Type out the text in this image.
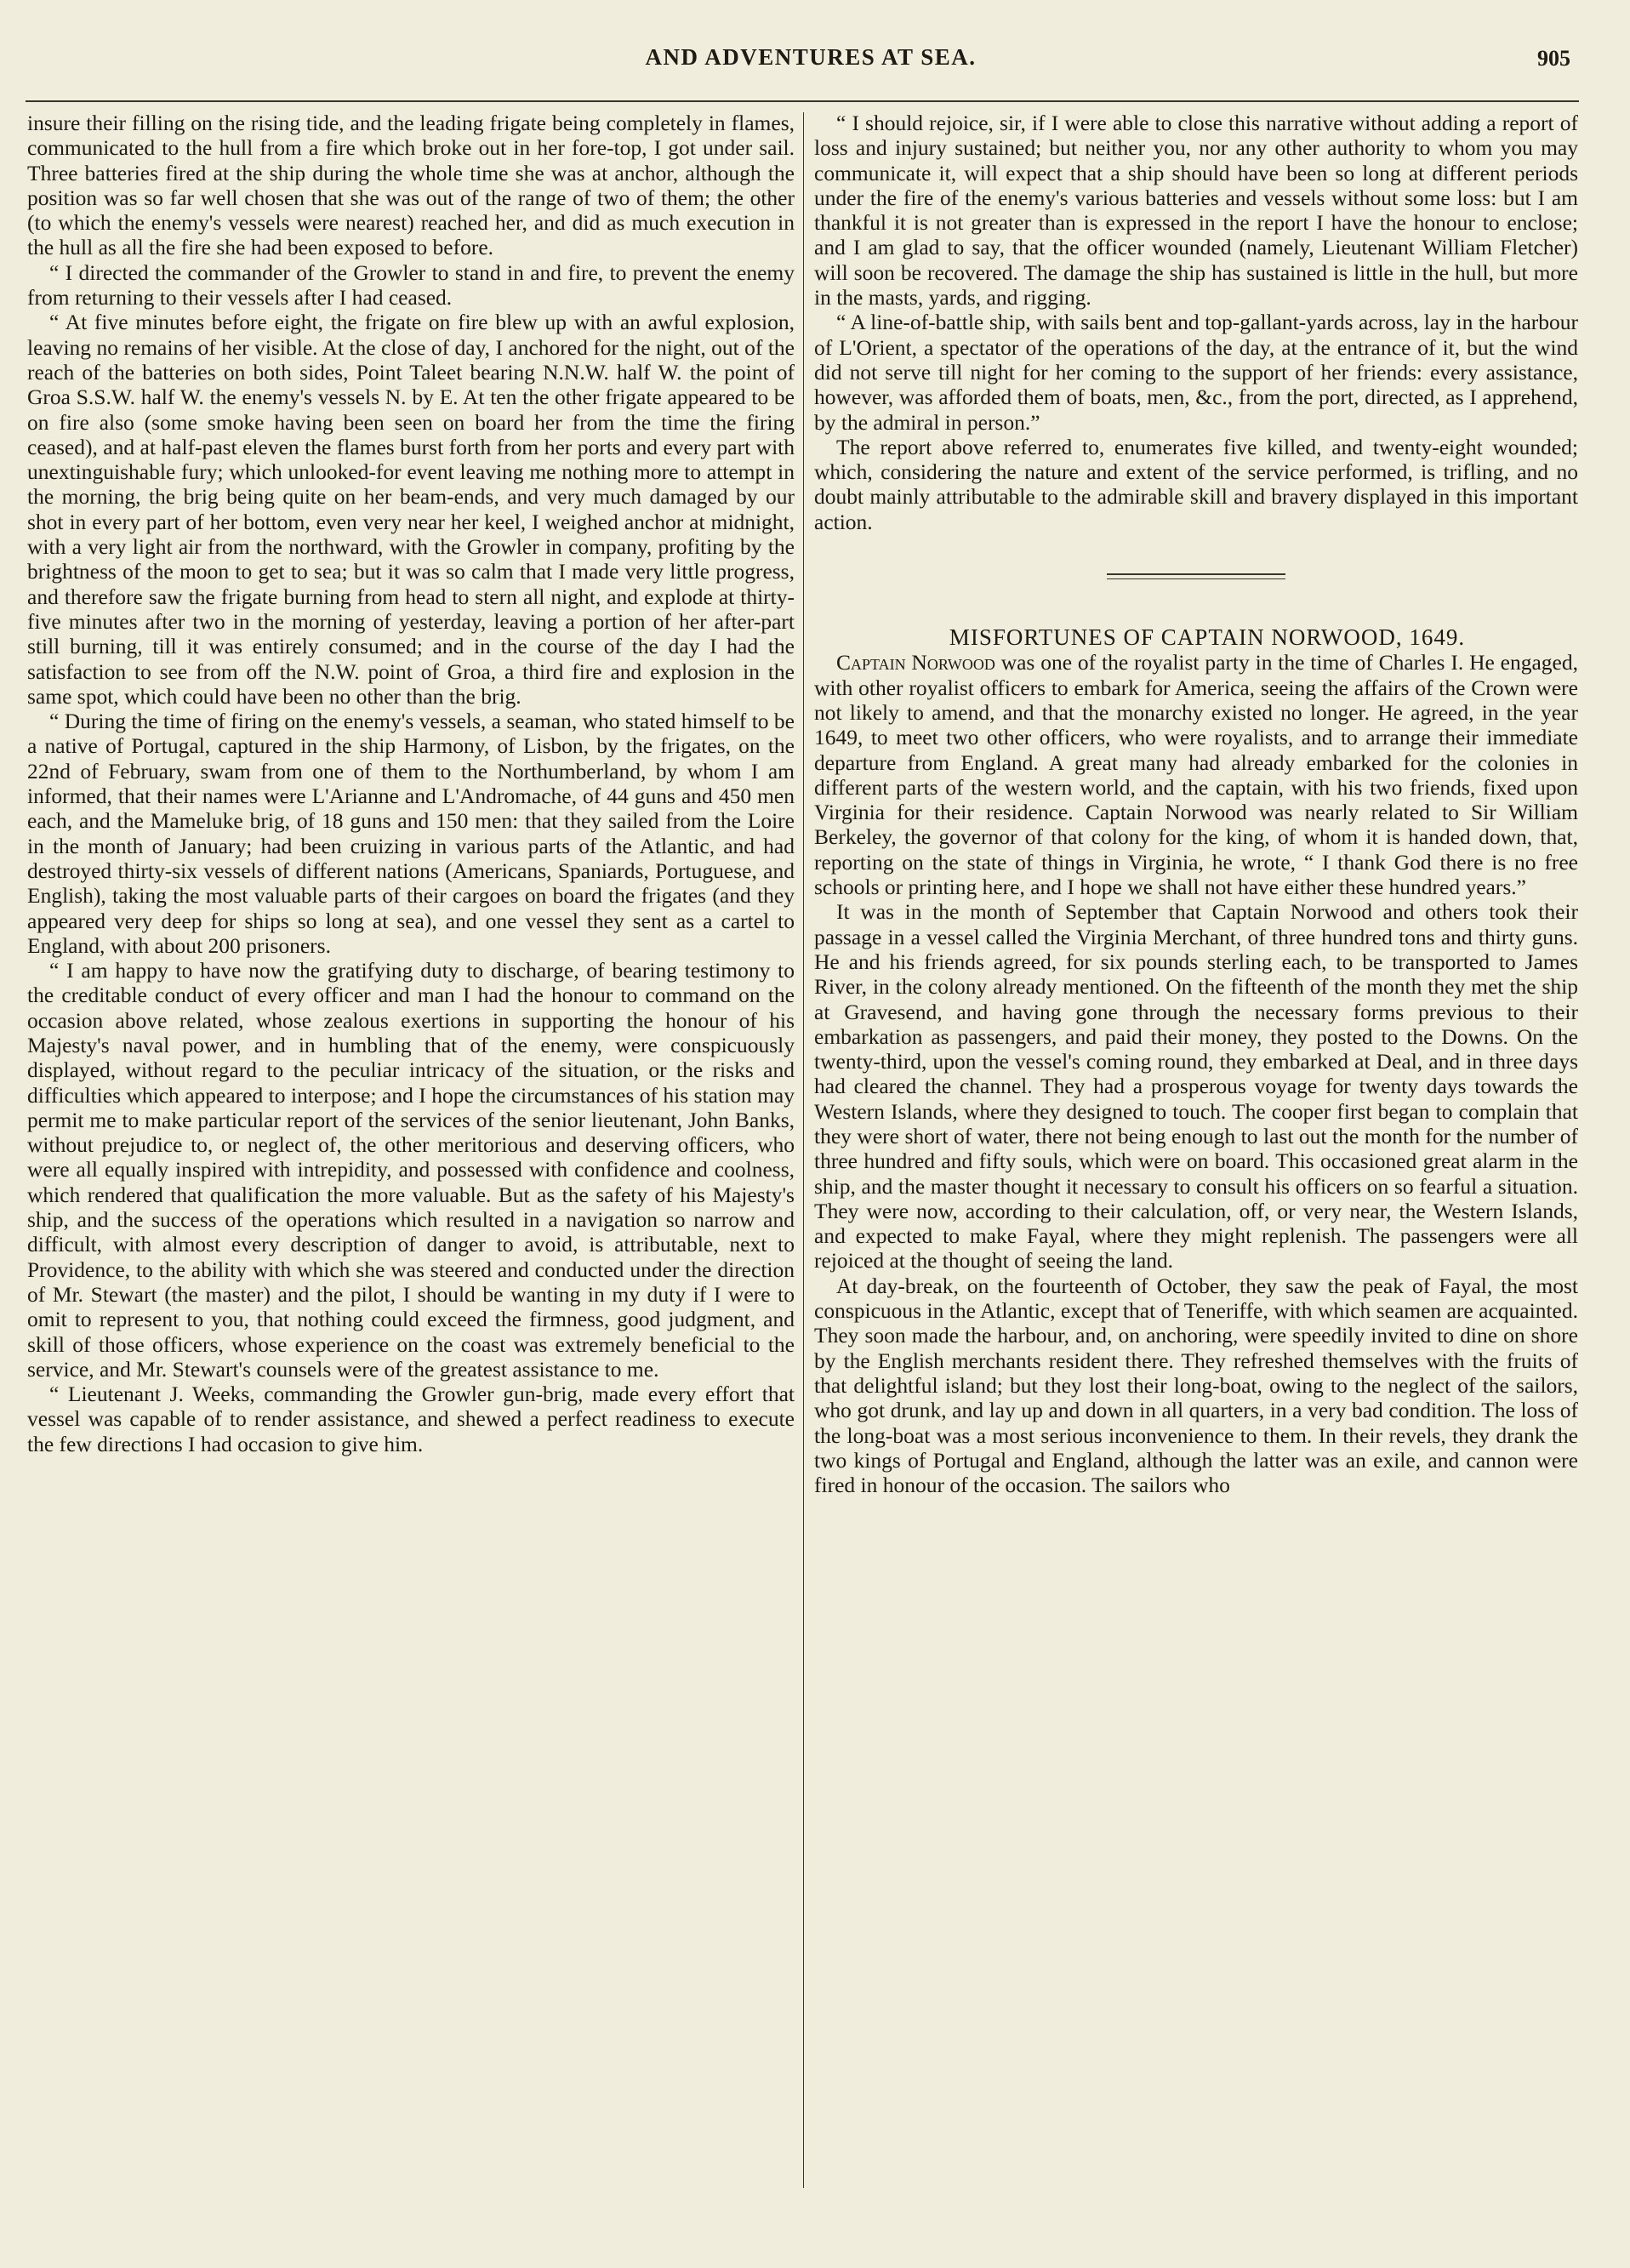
AND ADVENTURES AT SEA.	905

insure their filling on the rising tide, and the leading frigate being completely in flames, communicated to the hull from a fire which broke out in her fore-top, I got under sail. Three batteries fired at the ship during the whole time she was at anchor, although the position was so far well chosen that she was out of the range of two of them; the other (to which the enemy's vessels were nearest) reached her, and did as much execution in the hull as all the fire she had been exposed to before.

“ I directed the commander of the Growler to stand in and fire, to prevent the enemy from returning to their vessels after I had ceased.

“ At five minutes before eight, the frigate on fire blew up with an awful explosion, leaving no remains of her visible. At the close of day, I anchored for the night, out of the reach of the batteries on both sides, Point Taleet bearing N.N.W. half W. the point of Groa S.S.W. half W. the enemy's vessels N. by E. At ten the other frigate appeared to be on fire also (some smoke having been seen on board her from the time the firing ceased), and at half-past eleven the flames burst forth from her ports and every part with unextinguishable fury; which unlooked-for event leaving me nothing more to attempt in the morning, the brig being quite on her beam-ends, and very much damaged by our shot in every part of her bottom, even very near her keel, I weighed anchor at midnight, with a very light air from the northward, with the Growler in company, profiting by the brightness of the moon to get to sea; but it was so calm that I made very little progress, and therefore saw the frigate burning from head to stern all night, and explode at thirty-five minutes after two in the morning of yesterday, leaving a portion of her after-part still burning, till it was entirely consumed; and in the course of the day I had the satisfaction to see from off the N.W. point of Groa, a third fire and explosion in the same spot, which could have been no other than the brig.

“ During the time of firing on the enemy's vessels, a seaman, who stated himself to be a native of Portugal, captured in the ship Harmony, of Lisbon, by the frigates, on the 22nd of February, swam from one of them to the Northumberland, by whom I am informed, that their names were L'Arianne and L'Andromache, of 44 guns and 450 men each, and the Mameluke brig, of 18 guns and 150 men: that they sailed from the Loire in the month of January; had been cruizing in various parts of the Atlantic, and had destroyed thirty-six vessels of different nations (Americans, Spaniards, Portuguese, and English), taking the most valuable parts of their cargoes on board the frigates (and they appeared very deep for ships so long at sea), and one vessel they sent as a cartel to England, with about 200 prisoners.

“ I am happy to have now the gratifying duty to discharge, of bearing testimony to the creditable conduct of every officer and man I had the honour to command on the occasion above related, whose zealous exertions in supporting the honour of his Majesty's naval power, and in humbling that of the enemy, were conspicuously displayed, without regard to the peculiar intricacy of the situation, or the risks and difficulties which appeared to interpose; and I hope the circumstances of his station may permit me to make particular report of the services of the senior lieutenant, John Banks, without prejudice to, or neglect of, the other meritorious and deserving officers, who were all equally inspired with intrepidity, and possessed with confidence and coolness, which rendered that qualification the more valuable. But as the safety of his Majesty's ship, and the success of the operations which resulted in a navigation so narrow and difficult, with almost every description of danger to avoid, is attributable, next to Providence, to the ability with which she was steered and conducted under the direction of Mr. Stewart (the master) and the pilot, I should be wanting in my duty if I were to omit to represent to you, that nothing could exceed the firmness, good judgment, and skill of those officers, whose experience on the coast was extremely beneficial to the service, and Mr. Stewart's counsels were of the greatest assistance to me.

“ Lieutenant J. Weeks, commanding the Growler gun-brig, made every effort that vessel was capable of to render assistance, and shewed a perfect readiness to execute the few directions I had occasion to give him.

“ I should rejoice, sir, if I were able to close this narrative without adding a report of loss and injury sustained; but neither you, nor any other authority to whom you may communicate it, will expect that a ship should have been so long at different periods under the fire of the enemy's various batteries and vessels without some loss: but I am thankful it is not greater than is expressed in the report I have the honour to enclose; and I am glad to say, that the officer wounded (namely, Lieutenant William Fletcher) will soon be recovered. The damage the ship has sustained is little in the hull, but more in the masts, yards, and rigging.

“ A line-of-battle ship, with sails bent and top-gallant-yards across, lay in the harbour of L'Orient, a spectator of the operations of the day, at the entrance of it, but the wind did not serve till night for her coming to the support of her friends: every assistance, however, was afforded them of boats, men, &c., from the port, directed, as I apprehend, by the admiral in person.”

The report above referred to, enumerates five killed, and twenty-eight wounded; which, considering the nature and extent of the service performed, is trifling, and no doubt mainly attributable to the admirable skill and bravery displayed in this important action.

MISFORTUNES OF CAPTAIN NORWOOD, 1649.

Captain Norwood was one of the royalist party in the time of Charles I. He engaged, with other royalist officers to embark for America, seeing the affairs of the Crown were not likely to amend, and that the monarchy existed no longer. He agreed, in the year 1649, to meet two other officers, who were royalists, and to arrange their immediate departure from England. A great many had already embarked for the colonies in different parts of the western world, and the captain, with his two friends, fixed upon Virginia for their residence. Captain Norwood was nearly related to Sir William Berkeley, the governor of that colony for the king, of whom it is handed down, that, reporting on the state of things in Virginia, he wrote, “ I thank God there is no free schools or printing here, and I hope we shall not have either these hundred years.”

It was in the month of September that Captain Norwood and others took their passage in a vessel called the Virginia Merchant, of three hundred tons and thirty guns. He and his friends agreed, for six pounds sterling each, to be transported to James River, in the colony already mentioned. On the fifteenth of the month they met the ship at Gravesend, and having gone through the necessary forms previous to their embarkation as passengers, and paid their money, they posted to the Downs. On the twenty-third, upon the vessel's coming round, they embarked at Deal, and in three days had cleared the channel. They had a prosperous voyage for twenty days towards the Western Islands, where they designed to touch. The cooper first began to complain that they were short of water, there not being enough to last out the month for the number of three hundred and fifty souls, which were on board. This occasioned great alarm in the ship, and the master thought it necessary to consult his officers on so fearful a situation. They were now, according to their calculation, off, or very near, the Western Islands, and expected to make Fayal, where they might replenish. The passengers were all rejoiced at the thought of seeing the land.

At day-break, on the fourteenth of October, they saw the peak of Fayal, the most conspicuous in the Atlantic, except that of Teneriffe, with which seamen are acquainted. They soon made the harbour, and, on anchoring, were speedily invited to dine on shore by the English merchants resident there. They refreshed themselves with the fruits of that delightful island; but they lost their long-boat, owing to the neglect of the sailors, who got drunk, and lay up and down in all quarters, in a very bad condition. The loss of the long-boat was a most serious inconvenience to them. In their revels, they drank the two kings of Portugal and England, although the latter was an exile, and cannon were fired in honour of the occasion. The sailors who
